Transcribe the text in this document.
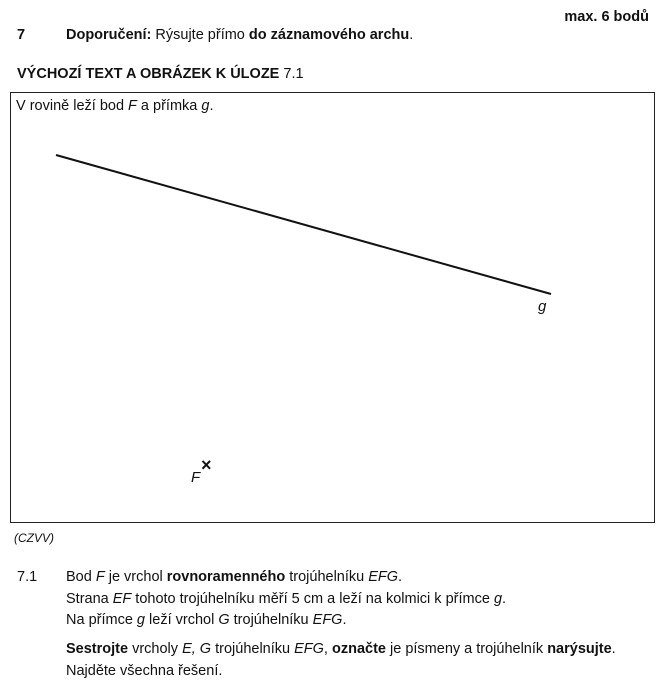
max. 6 bodů
7	Doporučení: Rýsujte přímo do záznamového archu.
VÝCHOZÍ TEXT A OBRÁZEK K ÚLOZE 7.1
V rovině leží bod F a přímka g.
g
×
F
(CZVV)
7.1 Bod F je vrchol rovnoramenného trojúhelníku EFG.
Strana EF tohoto trojúhelníku měří 5 cm a leží na kolmici k přímce g.
Na přímce g leží vrchol G trojúhelníku EFG.
Sestrojte vrcholy E, G trojúhelníku EFG, označte je písmeny a trojúhelník narýsujte.
Najděte všechna řešení.
